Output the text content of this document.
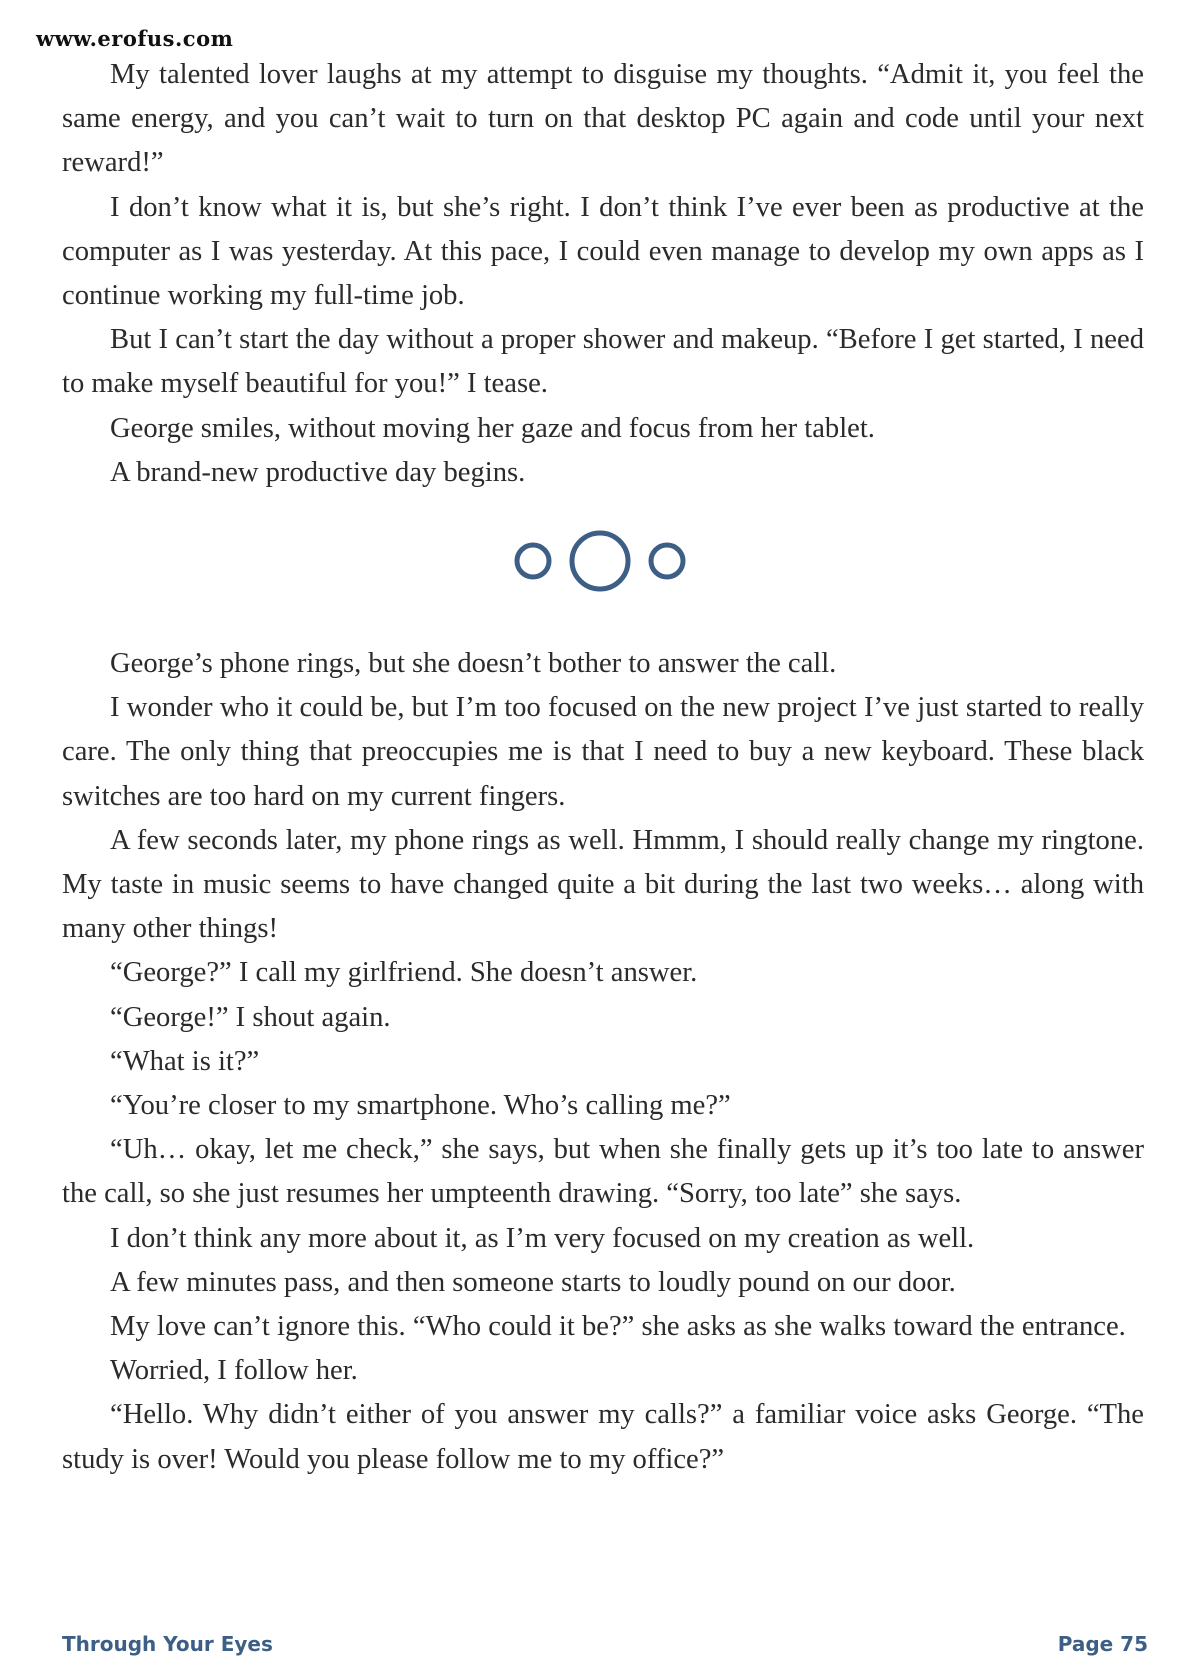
www.erofus.com

My talented lover laughs at my attempt to disguise my thoughts. “Admit it, you feel the same energy, and you can’t wait to turn on that desktop PC again and code until your next reward!”

I don’t know what it is, but she’s right. I don’t think I’ve ever been as productive at the computer as I was yesterday. At this pace, I could even manage to develop my own apps as I continue working my full-time job.

But I can’t start the day without a proper shower and makeup. “Before I get started, I need to make myself beautiful for you!” I tease.

George smiles, without moving her gaze and focus from her tablet.

A brand-new productive day begins.

George’s phone rings, but she doesn’t bother to answer the call.

I wonder who it could be, but I’m too focused on the new project I’ve just started to really care. The only thing that preoccupies me is that I need to buy a new keyboard. These black switches are too hard on my current fingers.

A few seconds later, my phone rings as well. Hmmm, I should really change my ringtone. My taste in music seems to have changed quite a bit during the last two weeks… along with many other things!

“George?” I call my girlfriend. She doesn’t answer.

“George!” I shout again.

“What is it?”

“You’re closer to my smartphone. Who’s calling me?”

“Uh… okay, let me check,” she says, but when she finally gets up it’s too late to answer the call, so she just resumes her umpteenth drawing. “Sorry, too late” she says.

I don’t think any more about it, as I’m very focused on my creation as well.

A few minutes pass, and then someone starts to loudly pound on our door.

My love can’t ignore this. “Who could it be?” she asks as she walks toward the entrance.

Worried, I follow her.

“Hello. Why didn’t either of you answer my calls?” a familiar voice asks George. “The study is over! Would you please follow me to my office?”

Through Your Eyes	Page 75
